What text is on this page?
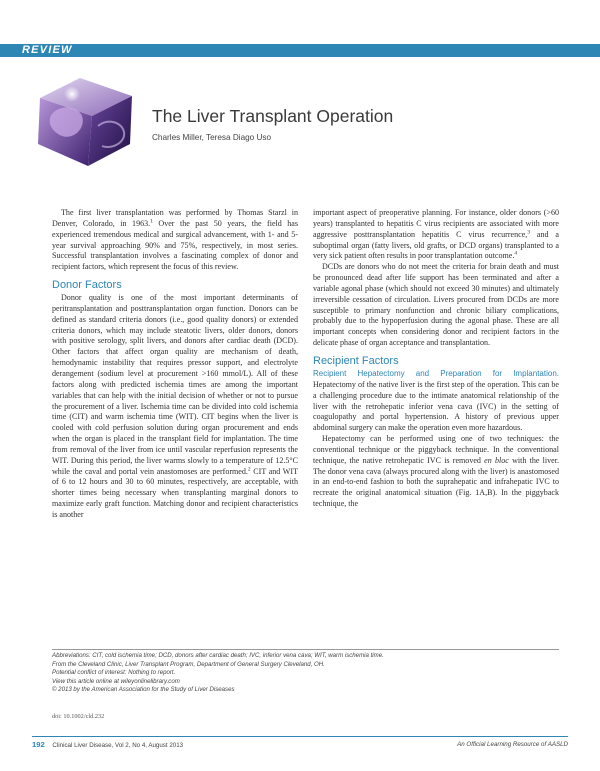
REVIEW
The Liver Transplant Operation
Charles Miller, Teresa Diago Uso

The first liver transplantation was performed by Thomas Starzl in Denver, Colorado, in 1963.$^1$ Over the past 50 years, the field has experienced tremendous medical and surgical advancement, with 1- and 5-year survival approaching 90% and 75%, respectively, in most series. Successful transplantation involves a fascinating complex of donor and recipient factors, which represent the focus of this review.

Donor Factors

Donor quality is one of the most important determinants of peritransplantation and posttransplantation organ function. Donors can be defined as standard criteria donors (i.e., good quality donors) or extended criteria donors, which may include steatotic livers, older donors, donors with positive serology, split livers, and donors after cardiac death (DCD). Other factors that affect organ quality are mechanism of death, hemodynamic instability that requires pressor support, and electrolyte derangement (sodium level at procurement >160 mmol/L). All of these factors along with predicted ischemia times are among the important variables that can help with the initial decision of whether or not to pursue the procurement of a liver. Ischemia time can be divided into cold ischemia time (CIT) and warm ischemia time (WIT). CIT begins when the liver is cooled with cold perfusion solution during organ procurement and ends when the organ is placed in the transplant field for implantation. The time from removal of the liver from ice until vascular reperfusion represents the WIT. During this period, the liver warms slowly to a temperature of 12.5°C while the caval and portal vein anastomoses are performed.$^2$ CIT and WIT of 6 to 12 hours and 30 to 60 minutes, respectively, are acceptable, with shorter times being necessary when transplanting marginal donors to maximize early graft function. Matching donor and recipient characteristics is another

important aspect of preoperative planning. For instance, older donors (>60 years) transplanted to hepatitis C virus recipients are associated with more aggressive posttransplantation hepatitis C virus recurrence,$^3$ and a suboptimal organ (fatty livers, old grafts, or DCD organs) transplanted to a very sick patient often results in poor transplantation outcome.$^4$

DCDs are donors who do not meet the criteria for brain death and must be pronounced dead after life support has been terminated and after a variable agonal phase (which should not exceed 30 minutes) and ultimately irreversible cessation of circulation. Livers procured from DCDs are more susceptible to primary nonfunction and chronic biliary complications, probably due to the hypoperfusion during the agonal phase. These are all important concepts when considering donor and recipient factors in the delicate phase of organ acceptance and transplantation.

Recipient Factors

Recipient Hepatectomy and Preparation for Implantation. Hepatectomy of the native liver is the first step of the operation. This can be a challenging procedure due to the intimate anatomical relationship of the liver with the retrohepatic inferior vena cava (IVC) in the setting of coagulopathy and portal hypertension. A history of previous upper abdominal surgery can make the operation even more hazardous.

Hepatectomy can be performed using one of two techniques: the conventional technique or the piggyback technique. In the conventional technique, the native retrohepatic IVC is removed en bloc with the liver. The donor vena cava (always procured along with the liver) is anastomosed in an end-to-end fashion to both the suprahepatic and infrahepatic IVC to recreate the original anatomical situation (Fig. 1A,B). In the piggyback technique, the

Abbreviations: CIT, cold ischemia time; DCD, donors after cardiac death; IVC, inferior vena cava; WIT, warm ischemia time.
From the Cleveland Clinic, Liver Transplant Program, Department of General Surgery Cleveland, OH.
Potential conflict of interest: Nothing to report.
View this article online at wileyonlinelibrary.com
© 2013 by the American Association for the Study of Liver Diseases
doi: 10.1002/cld.232
192 Clinical Liver Disease, Vol 2, No 4, August 2013	An Official Learning Resource of AASLD
